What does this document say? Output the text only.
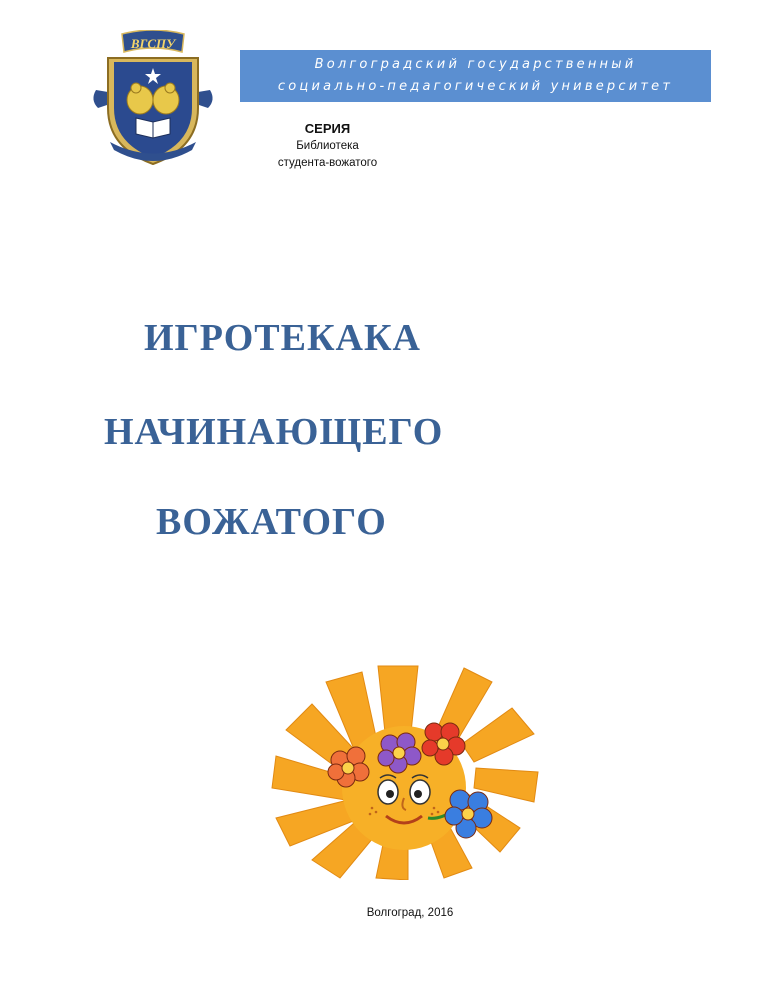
ВГСПУ
Волгоградский государственный
социально-педагогический университет
СЕРИЯ
Библиотека
студента-вожатого
ИГРОТЕКАКА
НАЧИНАЮЩЕГО
ВОЖАТОГО
Волгоград, 2016
